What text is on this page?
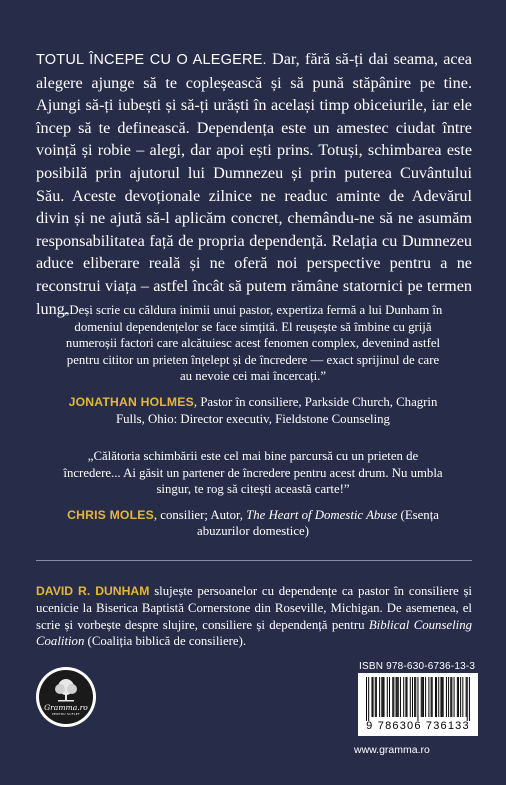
TOTUL ÎNCEPE CU O ALEGERE. Dar, fără să-ți dai seama, acea alegere ajunge să te copleșească și să pună stăpânire pe tine. Ajungi să-ți iubești și să-ți urăști în același timp obiceiurile, iar ele încep să te definească. Dependența este un amestec ciudat între voință și robie – alegi, dar apoi ești prins. Totuși, schimbarea este posibilă prin ajutorul lui Dumnezeu și prin puterea Cuvântului Său. Aceste devoționale zilnice ne readuc aminte de Adevărul divin și ne ajută să-l aplicăm concret, chemându-ne să ne asumăm responsabilitatea față de propria dependență. Relația cu Dumnezeu aduce eliberare reală și ne oferă noi perspective pentru a ne reconstrui viața – astfel încât să putem rămâne statornici pe termen lung.

„Deși scrie cu căldura inimii unui pastor, expertiza fermă a lui Dunham în domeniul dependențelor se face simțită. El reușește să îmbine cu grijă numeroșii factori care alcătuiesc acest fenomen complex, devenind astfel pentru cititor un prieten înțelept și de încredere — exact sprijinul de care au nevoie cei mai încercați.”

JONATHAN HOLMES, Pastor în consiliere, Parkside Church, Chagrin Fulls, Ohio: Director executiv, Fieldstone Counseling

„Călătoria schimbării este cel mai bine parcursă cu un prieten de încredere... Ai găsit un partener de încredere pentru acest drum. Nu umbla singur, te rog să citești această carte!”

CHRIS MOLES, consilier; Autor, The Heart of Domestic Abuse (Esența abuzurilor domestice)

DAVID R. DUNHAM slujește persoanelor cu dependențe ca pastor în consiliere și ucenicie la Biserica Baptistă Cornerstone din Roseville, Michigan. De asemenea, el scrie și vorbește despre slujire, consiliere și dependență pentru Biblical Counseling Coalition (Coaliția biblică de consiliere).

Gramma.ro
PENTRU SUFLET
ISBN 978-630-6736-13-3
9 786306 736133
www.gramma.ro
